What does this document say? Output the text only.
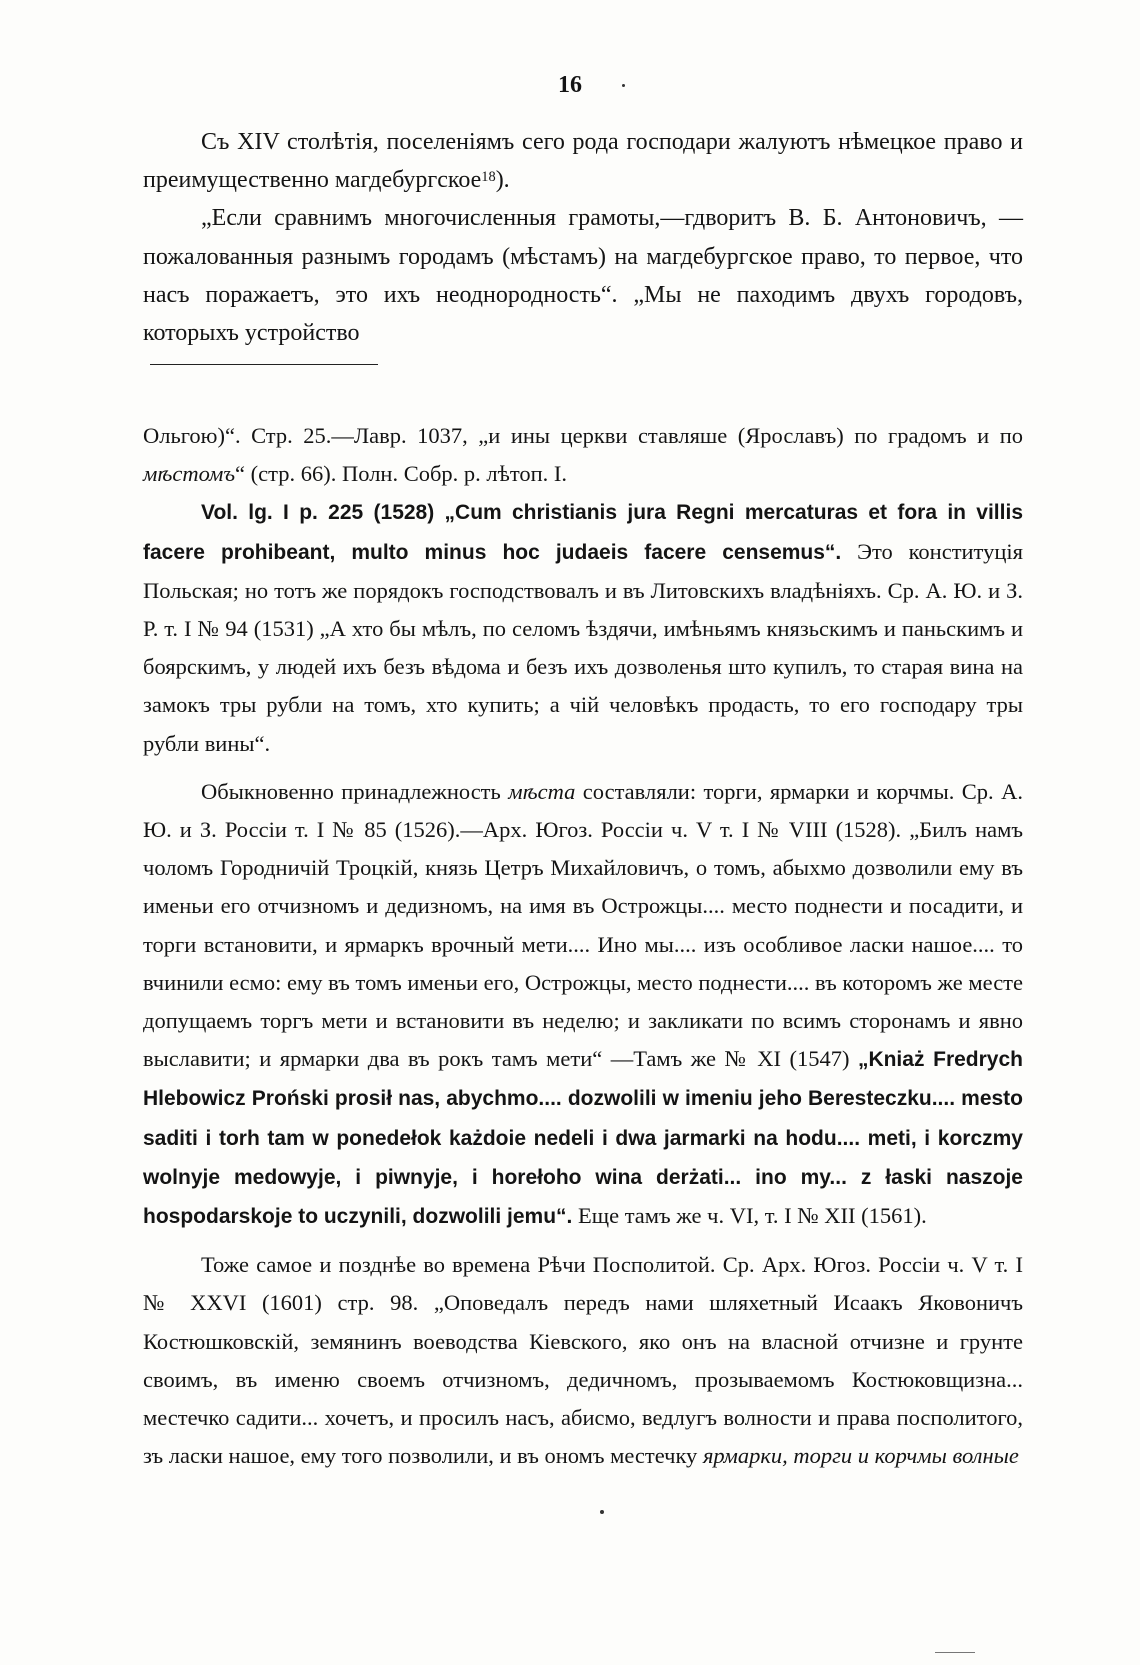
16

Съ XIV столѣтія, поселеніямъ сего рода господари жалуютъ нѣмецкое право и преимущественно магдебургское$^{18}$).

„Если сравнимъ многочисленныя грамоты,—гдворитъ В. Б. Антоновичъ, — пожалованныя разнымъ городамъ (мѣстамъ) на магдебургское право, то первое, что насъ поражаетъ, это ихъ неоднородность“. „Мы не паходимъ двухъ городовъ, которыхъ устройство

Ольгою)“. Стр. 25.—Лавр. 1037, „и ины церкви ставляше (Ярославъ) по градомъ и по мѣстомъ“ (стр. 66). Полн. Собр. р. лѣтоп. I.

Vol. lg. I p. 225 (1528) „Cum christianis jura Regni mercaturas et fora in villis facere prohibeant, multo minus hoc judaeis facere censemus“. Это конституція Польская; но тотъ же порядокъ господствовалъ и въ Литовскихъ владѣніяхъ. Ср. А. Ю. и З. Р. т. I № 94 (1531) „А хто бы мѣлъ, по селомъ ѣздячи, имѣньямъ князьскимъ и паньскимъ и боярскимъ, у людей ихъ безъ вѣдома и безъ ихъ дозволенья што купилъ, то старая вина на замокъ тры рубли на томъ, хто купить; а чій человѣкъ продасть, то его господару тры рубли вины“.

Обыкновенно принадлежность мѣста составляли: торги, ярмарки и корчмы. Ср. А. Ю. и З. Россіи т. I № 85 (1526).—Арх. Югоз. Россіи ч. V т. I № VIII (1528). „Билъ намъ чоломъ Городничій Троцкій, князь Цетръ Михайловичъ, о томъ, абыхмо дозволили ему въ именьи его отчизномъ и дедизномъ, на имя въ Острожцы.... место поднести и посадити, и торги встановити, и ярмаркъ врочный мети.... Ино мы.... изъ особливое ласки нашое.... то вчинили есмо: ему въ томъ именьи его, Острожцы, место поднести.... въ которомъ же месте допущаемъ торгъ мети и встановити въ неделю; и закликати по всимъ сторонамъ и явно выславити; и ярмарки два въ рокъ тамъ мети“ —Тамъ же № XI (1547) „Kniaż Fredrych Hlebowicz Proński prosił nas, abychmo.... dozwolili w imeniu jeho Beresteczku.... mesto saditi i torh tam w ponedełok każdoie nedeli i dwa jarmarki na hodu.... meti, i korczmy wolnyje medowyje, i piwnyje, i horełoho wina derżati... ino my... z łaski naszoje hospodarskoje to uczynili, dozwolili jemu“. Еще тамъ же ч. VI, т. I № XII (1561).

Тоже самое и позднѣе во времена Рѣчи Посполитой. Ср. Арх. Югоз. Россіи ч. V т. I № XXVI (1601) стр. 98. „Оповедалъ передъ нами шляхетный Исаакъ Яковоничъ Костюшковскій, земянинъ воеводства Кіевского, яко онъ на власной отчизне и грунте своимъ, въ именю своемъ отчизномъ, дедичномъ, прозываемомъ Костюковщизна... местечко садити... хочетъ, и просилъ насъ, абисмо, ведлугъ волности и права посполитого, зъ ласки нашое, ему того позволили, и въ ономъ местечку ярмарки, торги и корчмы волные
